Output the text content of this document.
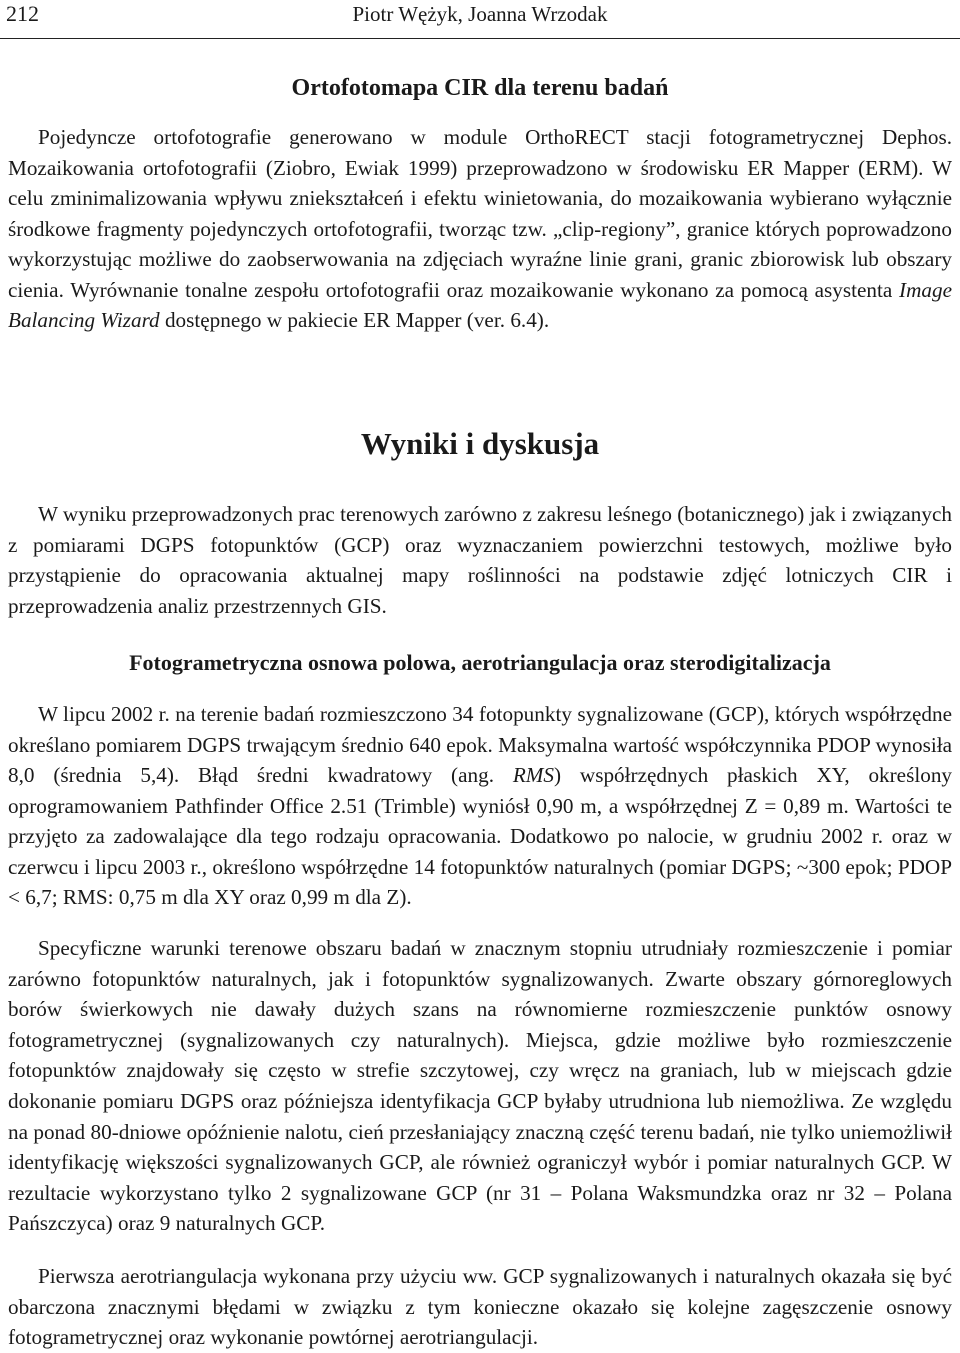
212	Piotr Wężyk, Joanna Wrzodak
Ortofotomapa CIR dla terenu badań

Pojedyncze ortofotografie generowano w module OrthoRECT stacji fotogrametrycznej Dephos. Mozaikowania ortofotografii (Ziobro, Ewiak 1999) przeprowadzono w środowisku ER Mapper (ERM). W celu zminimalizowania wpływu zniekształceń i efektu winietowania, do mozaikowania wybierano wyłącznie środkowe fragmenty pojedynczych ortofotografii, tworząc tzw. „clip-regiony”, granice których poprowadzono wykorzystując możliwe do zaobserwowania na zdjęciach wyraźne linie grani, granic zbiorowisk lub obszary cienia. Wyrównanie tonalne zespołu ortofotografii oraz mozaikowanie wykonano za pomocą asystenta Image Balancing Wizard dostępnego w pakiecie ER Mapper (ver. 6.4).

Wyniki i dyskusja

W wyniku przeprowadzonych prac terenowych zarówno z zakresu leśnego (botanicznego) jak i związanych z pomiarami DGPS fotopunktów (GCP) oraz wyznaczaniem powierzchni testowych, możliwe było przystąpienie do opracowania aktualnej mapy roślinności na podstawie zdjęć lotniczych CIR i przeprowadzenia analiz przestrzennych GIS.

Fotogrametryczna osnowa polowa, aerotriangulacja oraz sterodigitalizacja

W lipcu 2002 r. na terenie badań rozmieszczono 34 fotopunkty sygnalizowane (GCP), których współrzędne określano pomiarem DGPS trwającym średnio 640 epok. Maksymalna wartość współczynnika PDOP wynosiła 8,0 (średnia 5,4). Błąd średni kwadratowy (ang. RMS) współrzędnych płaskich XY, określony oprogramowaniem Pathfinder Office 2.51 (Trimble) wyniósł 0,90 m, a współrzędnej Z = 0,89 m. Wartości te przyjęto za zadowalające dla tego rodzaju opracowania. Dodatkowo po nalocie, w grudniu 2002 r. oraz w czerwcu i lipcu 2003 r., określono współrzędne 14 fotopunktów naturalnych (pomiar DGPS; ~300 epok; PDOP < 6,7; RMS: 0,75 m dla XY oraz 0,99 m dla Z).

Specyficzne warunki terenowe obszaru badań w znacznym stopniu utrudniały rozmieszczenie i pomiar zarówno fotopunktów naturalnych, jak i fotopunktów sygnalizowanych. Zwarte obszary górnoreglowych borów świerkowych nie dawały dużych szans na równomierne rozmieszczenie punktów osnowy fotogrametrycznej (sygnalizowanych czy naturalnych). Miejsca, gdzie możliwe było rozmieszczenie fotopunktów znajdowały się często w strefie szczytowej, czy wręcz na graniach, lub w miejscach gdzie dokonanie pomiaru DGPS oraz późniejsza identyfikacja GCP byłaby utrudniona lub niemożliwa. Ze względu na ponad 80-dniowe opóźnienie nalotu, cień przesłaniający znaczną część terenu badań, nie tylko uniemożliwił identyfikację większości sygnalizowanych GCP, ale również ograniczył wybór i pomiar naturalnych GCP. W rezultacie wykorzystano tylko 2 sygnalizowane GCP (nr 31 – Polana Waksmundzka oraz nr 32 – Polana Pańszczyca) oraz 9 naturalnych GCP.

Pierwsza aerotriangulacja wykonana przy użyciu ww. GCP sygnalizowanych i naturalnych okazała się być obarczona znacznymi błędami w związku z tym konieczne okazało się kolejne zagęszczenie osnowy fotogrametrycznej oraz wykonanie powtórnej aerotriangulacji.
